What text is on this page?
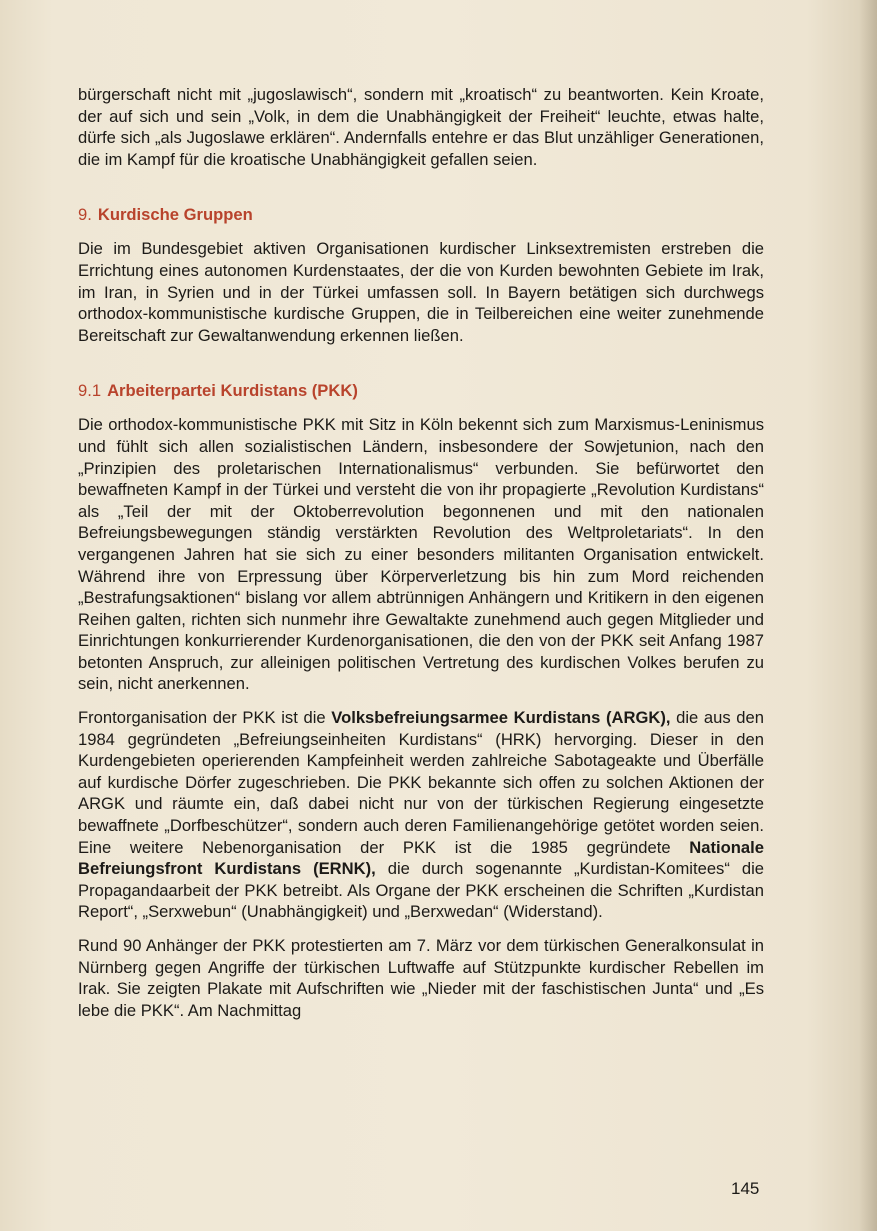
bürgerschaft nicht mit „jugoslawisch“, sondern mit „kroatisch“ zu beantworten. Kein Kroate, der auf sich und sein „Volk, in dem die Unabhängigkeit der Freiheit“ leuchte, etwas halte, dürfe sich „als Jugoslawe erklären“. Andernfalls entehre er das Blut unzähliger Generationen, die im Kampf für die kroatische Unabhängigkeit gefallen seien.

9. Kurdische Gruppen

Die im Bundesgebiet aktiven Organisationen kurdischer Linksextremisten erstreben die Errichtung eines autonomen Kurdenstaates, der die von Kurden bewohnten Gebiete im Irak, im Iran, in Syrien und in der Türkei umfassen soll. In Bayern betätigen sich durchwegs orthodox-kommunistische kurdische Gruppen, die in Teilbereichen eine weiter zunehmende Bereitschaft zur Gewaltanwendung erkennen ließen.

9.1 Arbeiterpartei Kurdistans (PKK)

Die orthodox-kommunistische PKK mit Sitz in Köln bekennt sich zum Marxismus-Leninismus und fühlt sich allen sozialistischen Ländern, insbesondere der Sowjetunion, nach den „Prinzipien des proletarischen Internationalismus“ verbunden. Sie befürwortet den bewaffneten Kampf in der Türkei und versteht die von ihr propagierte „Revolution Kurdistans“ als „Teil der mit der Oktoberrevolution begonnenen und mit den nationalen Befreiungsbewegungen ständig verstärkten Revolution des Weltproletariats“. In den vergangenen Jahren hat sie sich zu einer besonders militanten Organisation entwickelt. Während ihre von Erpressung über Körperverletzung bis hin zum Mord reichenden „Bestrafungsaktionen“ bislang vor allem abtrünnigen Anhängern und Kritikern in den eigenen Reihen galten, richten sich nunmehr ihre Gewaltakte zunehmend auch gegen Mitglieder und Einrichtungen konkurrierender Kurdenorganisationen, die den von der PKK seit Anfang 1987 betonten Anspruch, zur alleinigen politischen Vertretung des kurdischen Volkes berufen zu sein, nicht anerkennen.

Frontorganisation der PKK ist die Volksbefreiungsarmee Kurdistans (ARGK), die aus den 1984 gegründeten „Befreiungseinheiten Kurdistans“ (HRK) hervorging. Dieser in den Kurdengebieten operierenden Kampfeinheit werden zahlreiche Sabotageakte und Überfälle auf kurdische Dörfer zugeschrieben. Die PKK bekannte sich offen zu solchen Aktionen der ARGK und räumte ein, daß dabei nicht nur von der türkischen Regierung eingesetzte bewaffnete „Dorfbeschützer“, sondern auch deren Familienangehörige getötet worden seien. Eine weitere Nebenorganisation der PKK ist die 1985 gegründete Nationale Befreiungsfront Kurdistans (ERNK), die durch sogenannte „Kurdistan-Komitees“ die Propagandaarbeit der PKK betreibt. Als Organe der PKK erscheinen die Schriften „Kurdistan Report“, „Serxwebun“ (Unabhängigkeit) und „Berxwedan“ (Widerstand).

Rund 90 Anhänger der PKK protestierten am 7. März vor dem türkischen Generalkonsulat in Nürnberg gegen Angriffe der türkischen Luftwaffe auf Stützpunkte kurdischer Rebellen im Irak. Sie zeigten Plakate mit Aufschriften wie „Nieder mit der faschistischen Junta“ und „Es lebe die PKK“. Am Nachmittag

145
